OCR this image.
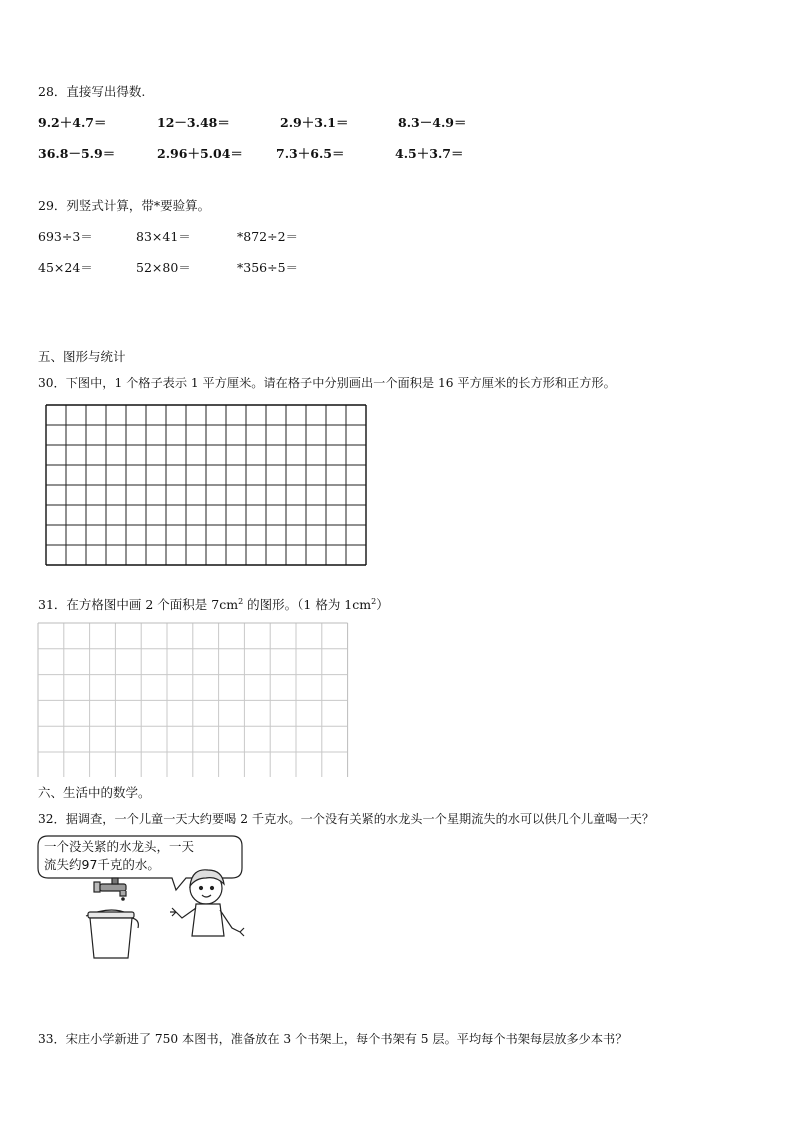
28．直接写出得数.
9.2＋4.7＝	12－3.48＝	2.9＋3.1＝	8.3－4.9＝
36.8－5.9＝	2.96＋5.04＝	7.3＋6.5＝	4.5＋3.7＝
29．列竖式计算，带*要验算。
693÷3＝	83×41＝	*872÷2＝
45×24＝	52×80＝	*356÷5＝
五、图形与统计
30．下图中，1 个格子表示 1 平方厘米。请在格子中分别画出一个面积是 16 平方厘米的长方形和正方形。
31．在方格图中画 2 个面积是 $7cm^2$ 的图形。（1 格为 $1cm^2$）
六、生活中的数学。
32．据调查，一个儿童一天大约要喝 2 千克水。一个没有关紧的水龙头一个星期流失的水可以供几个儿童喝一天？
一个没关紧的水龙头，一天
流失约97千克的水。
33．宋庄小学新进了 750 本图书，准备放在 3 个书架上，每个书架有 5 层。平均每个书架每层放多少本书？
